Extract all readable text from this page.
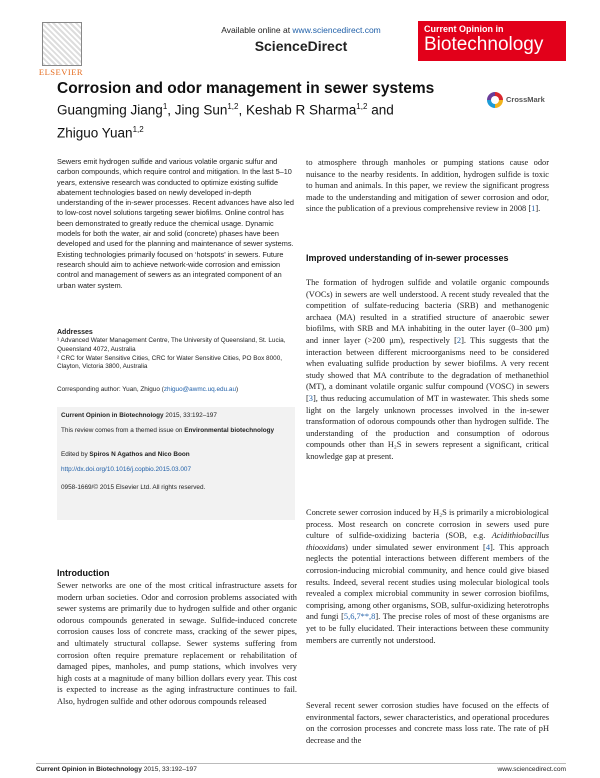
ELSEVIER
Available online at www.sciencedirect.com
ScienceDirect
Current Opinion in
Biotechnology
Corrosion and odor management in sewer systems
Guangming Jiang$^1$, Jing Sun$^{1,2}$, Keshab R Sharma$^{1,2}$ and
Zhiguo Yuan$^{1,2}$
CrossMark

Sewers emit hydrogen sulfide and various volatile organic sulfur and carbon compounds, which require control and mitigation. In the last 5–10 years, extensive research was conducted to optimize existing sulfide abatement technologies based on newly developed in-depth understanding of the in-sewer processes. Recent advances have also led to low-cost novel solutions targeting sewer biofilms. Online control has been demonstrated to greatly reduce the chemical usage. Dynamic models for both the water, air and solid (concrete) phases have been developed and used for the planning and maintenance of sewer systems. Existing technologies primarily focused on ‘hotspots’ in sewers. Future research should aim to achieve network-wide corrosion and emission control and management of sewers as an integrated component of an urban water system.

Addresses

¹ Advanced Water Management Centre, The University of Queensland, St. Lucia, Queensland 4072, Australia

² CRC for Water Sensitive Cities, CRC for Water Sensitive Cities, PO Box 8000, Clayton, Victoria 3800, Australia

Corresponding author: Yuan, Zhiguo (zhiguo@awmc.uq.edu.au)
Current Opinion in Biotechnology 2015, 33:192–197
This review comes from a themed issue on Environmental biotechnology
Edited by Spiros N Agathos and Nico Boon
http://dx.doi.org/10.1016/j.copbio.2015.03.007
0958-1669/© 2015 Elsevier Ltd. All rights reserved.
Introduction

Sewer networks are one of the most critical infrastructure assets for modern urban societies. Odor and corrosion problems associated with sewer systems are primarily due to hydrogen sulfide and other organic odorous compounds generated in sewage. Sulfide-induced concrete corrosion causes loss of concrete mass, cracking of the sewer pipes, and ultimately structural collapse. Sewer systems suffering from corrosion often require premature replacement or rehabilitation of damaged pipes, manholes, and pump stations, which involves very high costs at a magnitude of many billion dollars every year. This cost is expected to increase as the aging infrastructure continues to fail. Also, hydrogen sulfide and other odorous compounds released

to atmosphere through manholes or pumping stations cause odor nuisance to the nearby residents. In addition, hydrogen sulfide is toxic to human and animals. In this paper, we review the significant progress made to the understanding and mitigation of sewer corrosion and odor, since the publication of a previous comprehensive review in 2008 [1].

Improved understanding of in-sewer processes

The formation of hydrogen sulfide and volatile organic compounds (VOCs) in sewers are well understood. A recent study revealed that the competition of sulfate-reducing bacteria (SRB) and methanogenic archaea (MA) resulted in a stratified structure of anaerobic sewer biofilms, with SRB and MA inhabiting in the outer layer (0–300 μm) and inner layer (>200 μm), respectively [2]. This suggests that the interaction between different microorganisms need to be considered when evaluating sulfide production by sewer biofilms. A very recent study showed that MA contribute to the degradation of methanethiol (MT), a dominant volatile organic sulfur compound (VOSC) in sewers [3], thus reducing accumulation of MT in wastewater. This sheds some light on the largely unknown processes involved in the in-sewer transformation of odorous compounds other than hydrogen sulfide. The understanding of the production and consumption of odorous compounds other than H₂S in sewers represent a significant, critical knowledge gap at present.

Concrete sewer corrosion induced by H₂S is primarily a microbiological process. Most research on concrete corrosion in sewers used pure culture of sulfide-oxidizing bacteria (SOB, e.g. Acidithiobacillus thiooxidans) under simulated sewer environment [4]. This approach neglects the potential interactions between different members of the corrosion-inducing microbial community, and hence could give biased results. Indeed, several recent studies using molecular biological tools revealed a complex microbial community in sewer corrosion biofilms, comprising, among other organisms, SOB, sulfur-oxidizing heterotrophs and fungi [5,6,7**,8]. The precise roles of most of these organisms are yet to be fully elucidated. Their interactions between these community members are currently not understood.

Several recent sewer corrosion studies have focused on the effects of environmental factors, sewer characteristics, and operational procedures on the corrosion processes and concrete mass loss rate. The rate of pH decrease and the

Current Opinion in Biotechnology 2015, 33:192–197	www.sciencedirect.com
